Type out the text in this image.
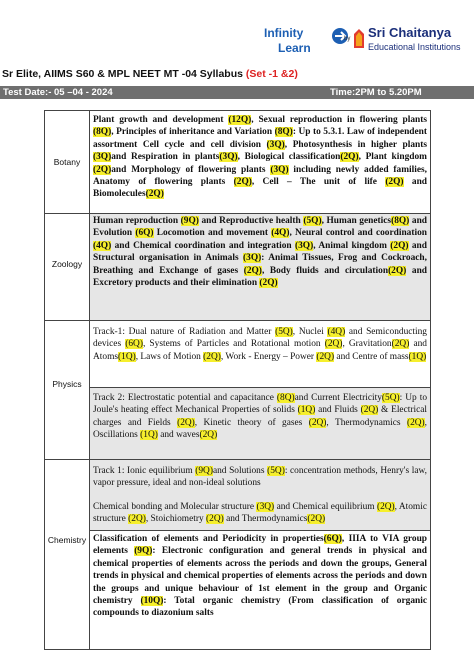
Infinity
Learn
by Sri Chaitanya
Educational Institutions
Sr Elite, AIIMS S60 & MPL NEET MT -04 Syllabus (Set -1 &2)
Test Date:- 05 –04 - 2024	Time:2PM to 5.20PM
Botany

Plant growth and development (12Q), Sexual reproduction in flowering plants (8Q), Principles of inheritance and Variation (8Q): Up to 5.3.1. Law of independent assortment Cell cycle and cell division (3Q), Photosynthesis in higher plants (3Q)and Respiration in plants(3Q), Biological classification(2Q), Plant kingdom (2Q)and Morphology of flowering plants (3Q) including newly added families, Anatomy of flowering plants (2Q), Cell – The unit of life (2Q) and Biomolecules(2Q)

Zoology

Human reproduction (9Q) and Reproductive health (5Q), Human genetics(8Q) and Evolution (6Q) Locomotion and movement (4Q), Neural control and coordination (4Q) and Chemical coordination and integration (3Q), Animal kingdom (2Q) and Structural organisation in Animals (3Q): Animal Tissues, Frog and Cockroach, Breathing and Exchange of gases (2Q), Body fluids and circulation(2Q) and Excretory products and their elimination (2Q)

Physics

Track-1: Dual nature of Radiation and Matter (5Q), Nuclei (4Q) and Semiconducting devices (6Q), Systems of Particles and Rotational motion (2Q), Gravitation(2Q) and Atoms(1Q), Laws of Motion (2Q), Work - Energy – Power (2Q) and Centre of mass(1Q)

Track 2: Electrostatic potential and capacitance (8Q)and Current Electricity(5Q): Up to Joule's heating effect Mechanical Properties of solids (1Q) and Fluids (2Q) & Electrical charges and Fields (2Q), Kinetic theory of gases (2Q), Thermodynamics (2Q), Oscillations (1Q) and waves(2Q)

Chemistry

Track 1: Ionic equilibrium (9Q)and Solutions (5Q): concentration methods, Henry's law, vapor pressure, ideal and non-ideal solutions

Chemical bonding and Molecular structure (3Q) and Chemical equilibrium (2Q), Atomic structure (2Q), Stoichiometry (2Q) and Thermodynamics(2Q)

Classification of elements and Periodicity in properties(6Q), IIIA to VIA group elements (9Q): Electronic configuration and general trends in physical and chemical properties of elements across the periods and down the groups, General trends in physical and chemical properties of elements across the periods and down the groups and unique behaviour of 1st element in the group and Organic chemistry (10Q): Total organic chemistry (From classification of organic compounds to diazonium salts
